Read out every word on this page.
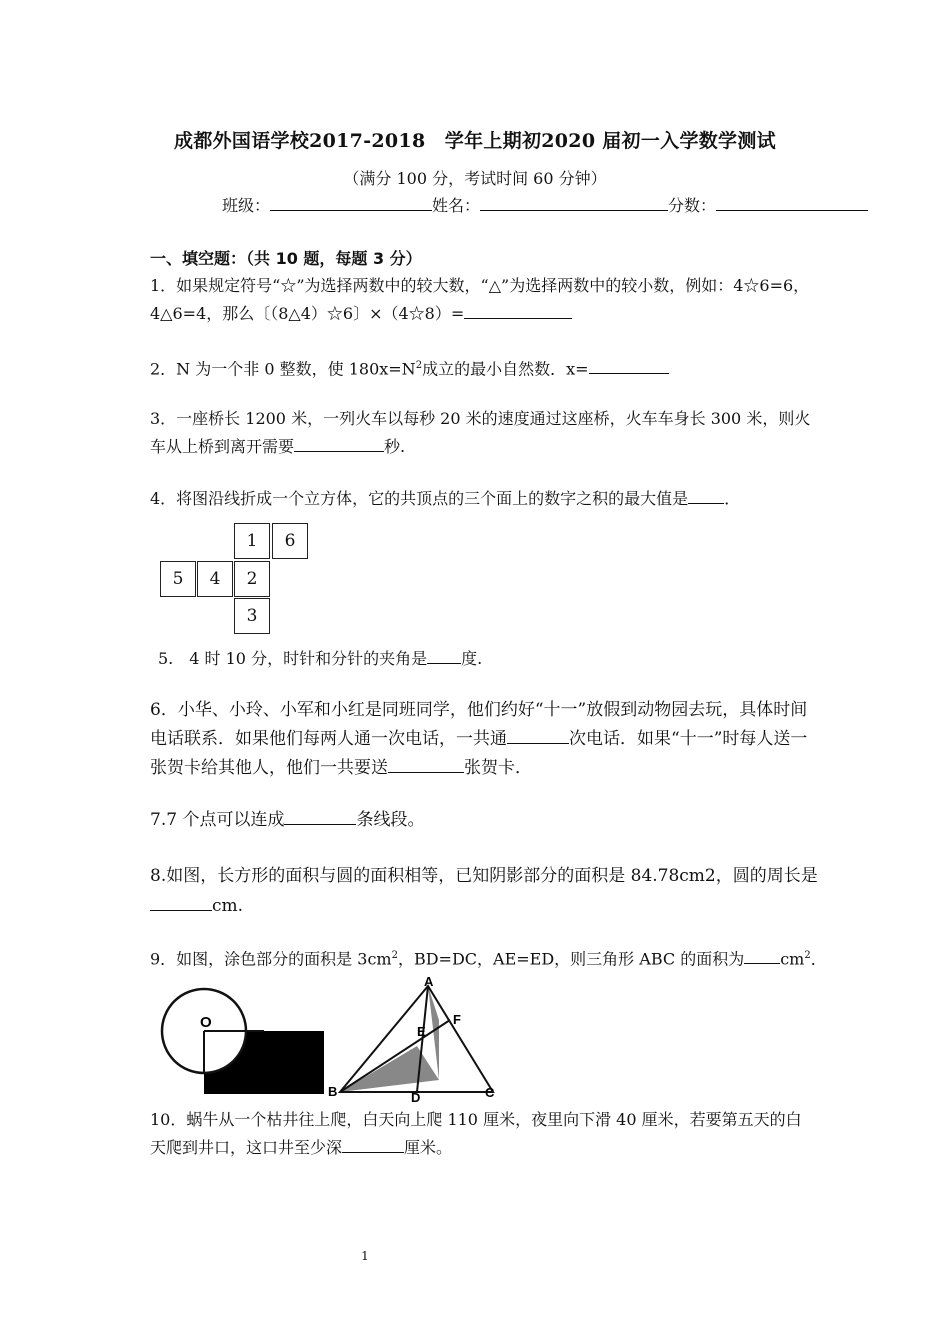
成都外国语学校2017-2018　学年上期初2020 届初一入学数学测试
（满分 100 分，考试时间 60 分钟）
班级：	姓名：	分数：
一、填空题：（共 10 题，每题 3 分）
1．如果规定符号“☆”为选择两数中的较大数，“△”为选择两数中的较小数，例如：4☆6=6，
4△6=4，那么〔（8△4）☆6〕×（4☆8）=
2．N 为一个非 0 整数，使 $180x=N^2$成立的最小自然数．x=
3．一座桥长 1200 米，一列火车以每秒 20 米的速度通过这座桥，火车车身长 300 米，则火
车从上桥到离开需要	秒.
4．将图沿线折成一个立方体，它的共顶点的三个面上的数字之积的最大值是 ．
1	6
5	4	2
3
5.　4 时 10 分，时针和分针的夹角是 度.
6．小华、小玲、小军和小红是同班同学，他们约好“十一”放假到动物园去玩，具体时间
电话联系．如果他们每两人通一次电话，一共通	次电话．如果“十一”时每人送一
张贺卡给其他人，他们一共要送	张贺卡．
7.7 个点可以连成	条线段。
8.如图，长方形的面积与圆的面积相等，已知阴影部分的面积是 84.78cm2，圆的周长是
cm.
9．如图，涂色部分的面积是 $3cm^2$，BD=DC，AE=ED，则三角形 ABC 的面积为 $cm^2$．
O
A
B	C
D
E
F
10．蜗牛从一个枯井往上爬，白天向上爬 110 厘米，夜里向下滑 40 厘米，若要第五天的白
天爬到井口，这口井至少深	厘米。
1
